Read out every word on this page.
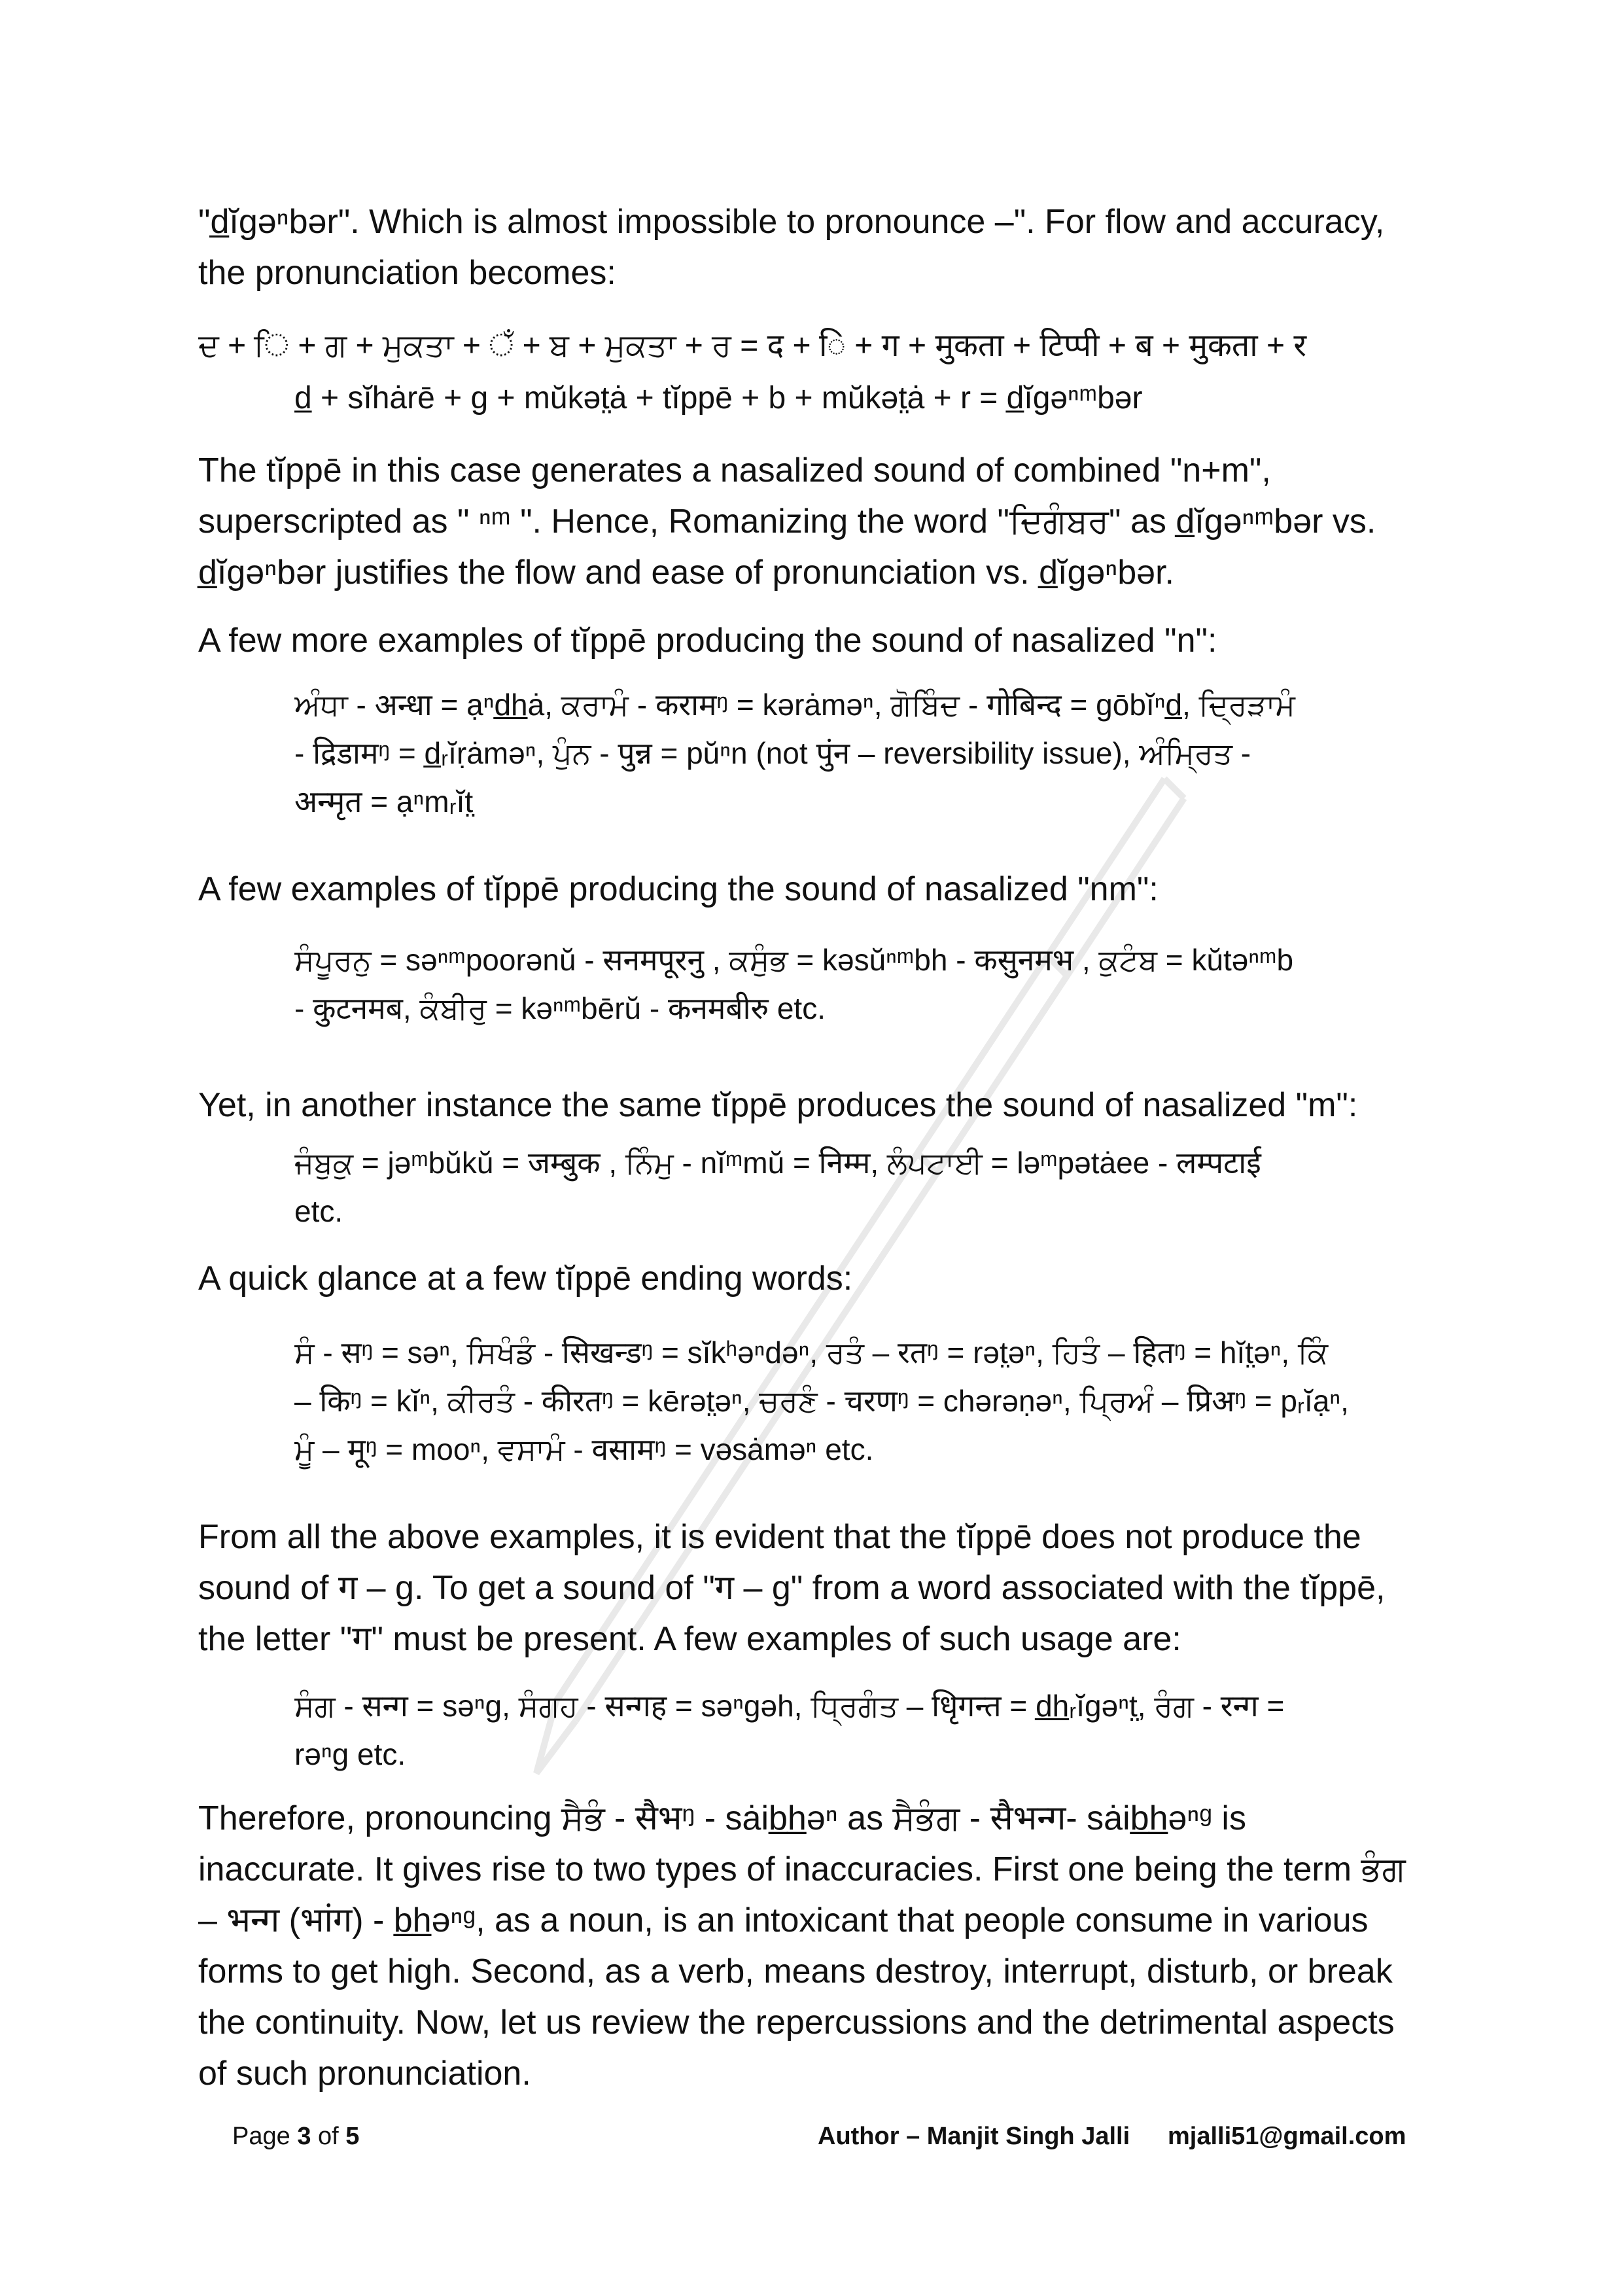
"d̲ĭgəⁿbər". Which is almost impossible to pronounce –". For flow and accuracy,
the pronunciation becomes:
ਦ + ਿ + ਗ + ਮੁਕਤਾ + ਁ + ਬ + ਮੁਕਤਾ + ਰ = द + ि + ग + मुकता + टिप्पी + ब + मुकता + र
d̲ + sĭhȧrē + g + mŭkət̤ȧ + tĭppē + b + mŭkət̤ȧ + r = d̲ĭgəⁿᵐbər
The tĭppē in this case generates a nasalized sound of combined "n+m",
superscripted as " ⁿᵐ ". Hence, Romanizing the word "ਦਿਗੰਬਰ" as d̲ĭgəⁿᵐbər vs.
d̲ĭgəⁿbər justifies the flow and ease of pronunciation vs. d̲ĭgəⁿbər.
A few more examples of tĭppē producing the sound of nasalized "n":
ਅੰਧਾ - अन्धा = ạⁿd̲h̲ȧ, ਕਰਾਮੰ - करामᵑ = kərȧməⁿ, ਗੋਬਿੰਦ - गोबिन्द = gōbĭⁿd̲, ਦ੍ਰਿੜਾਮੰ
- द्रिडामᵑ = d̲ᵣĭṛȧməⁿ, ਪੁੰਨ - पुन्न = pŭⁿn (not पुंन – reversibility issue), ਅੰਮ੍ਰਿਤ -
अन्मृत = ạⁿmᵣĭt̤
A few examples of tĭppē producing the sound of nasalized "nm":
ਸੰਪੂਰਨੁ = səⁿᵐpoorənŭ - सनमपूरनु , ਕਸੁੰਭ = kəsŭⁿᵐbh - कसुनमभ , ਕੁਟੰਬ = kŭtəⁿᵐb
- कुटनमब, ਕੰਬੀਰੁ = kəⁿᵐbērŭ - कनमबीरु etc.
Yet, in another instance the same tĭppē produces the sound of nasalized "m":
ਜੰਬੁਕੁ = jəᵐbŭkŭ = जम्बुक , ਨਿੰਮੁ - nĭᵐmŭ = निम्म, ਲੰਪਟਾਈ = ləᵐpətȧee - लम्पटाई
etc.
A quick glance at a few tĭppē ending words:
ਸੰ - सᵑ = səⁿ, ਸਿਖੰਡੰ - सिखन्डᵑ = sĭkʰəⁿdəⁿ, ਰਤੰ – रतᵑ = rət̤əⁿ, ਹਿਤੰ – हितᵑ = hĭt̤əⁿ, ਕਿੰ
– किᵑ = kĭⁿ, ਕੀਰਤੰ - कीरतᵑ = kērət̤əⁿ, ਚਰਣੰ - चरणᵑ = chərəṇəⁿ, ਪ੍ਰਿਅੰ – प्रिअᵑ = pᵣĭạⁿ,
ਮੂੰ – मूᵑ = mooⁿ, ਵਸਾਮੰ - वसामᵑ = vəsȧməⁿ etc.
From all the above examples, it is evident that the tĭppē does not produce the
sound of ग – g. To get a sound of "ग – g" from a word associated with the tĭppē,
the letter "ग" must be present. A few examples of such usage are:
ਸੰਗ - सन्ग = səⁿg, ਸੰਗਹ - सन्गह = səⁿgəh, ਧ੍ਰਿਗੰਤ – धिृगन्त = d̲h̲ᵣĭgəⁿt̤, ਰੰਗ - रन्ग =
rəⁿg etc.
Therefore, pronouncing ਸੈਭੰ - सैभᵑ - sȧib̲h̲əⁿ as ਸੈਭੰਗ - सैभन्ग- sȧib̲h̲əⁿᵍ is
inaccurate. It gives rise to two types of inaccuracies. First one being the term ਭੰਗ
– भन्ग (भांग) - b̲h̲əⁿᵍ, as a noun, is an intoxicant that people consume in various
forms to get high. Second, as a verb, means destroy, interrupt, disturb, or break
the continuity. Now, let us review the repercussions and the detrimental aspects
of such pronunciation.
Page 3 of 5	Author – Manjit Singh Jalli mjalli51@gmail.com
